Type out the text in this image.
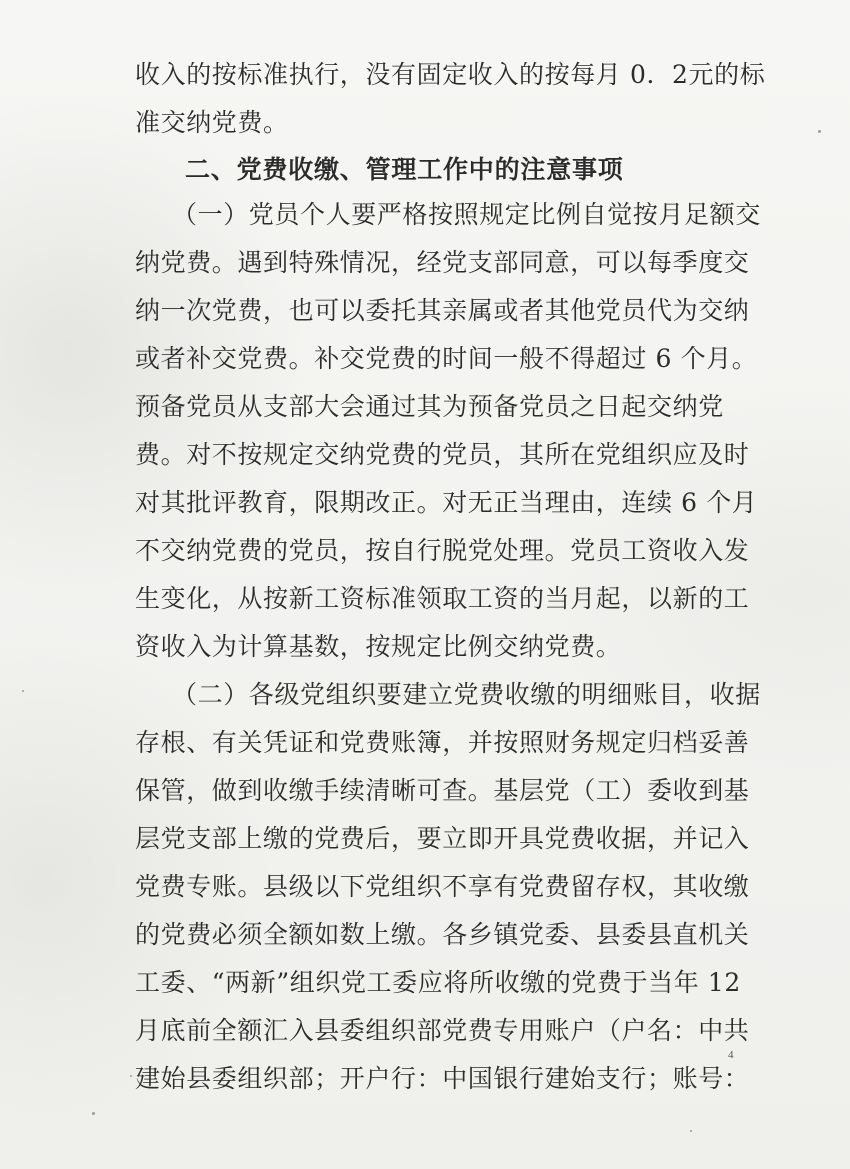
收入的按标准执行，没有固定收入的按每月 0．2元的标
准交纳党费。
二、党费收缴、管理工作中的注意事项
（一）党员个人要严格按照规定比例自觉按月足额交
纳党费。遇到特殊情况，经党支部同意，可以每季度交
纳一次党费，也可以委托其亲属或者其他党员代为交纳
或者补交党费。补交党费的时间一般不得超过 6 个月。
预备党员从支部大会通过其为预备党员之日起交纳党
费。对不按规定交纳党费的党员，其所在党组织应及时
对其批评教育，限期改正。对无正当理由，连续 6 个月
不交纳党费的党员，按自行脱党处理。党员工资收入发
生变化，从按新工资标准领取工资的当月起，以新的工
资收入为计算基数，按规定比例交纳党费。
（二）各级党组织要建立党费收缴的明细账目，收据
存根、有关凭证和党费账簿，并按照财务规定归档妥善
保管，做到收缴手续清晰可查。基层党（工）委收到基
层党支部上缴的党费后，要立即开具党费收据，并记入
党费专账。县级以下党组织不享有党费留存权，其收缴
的党费必须全额如数上缴。各乡镇党委、县委县直机关
工委、“两新”组织党工委应将所收缴的党费于当年 12
月底前全额汇入县委组织部党费专用账户（户名：中共
建始县委组织部；开户行：中国银行建始支行；账号：
4
